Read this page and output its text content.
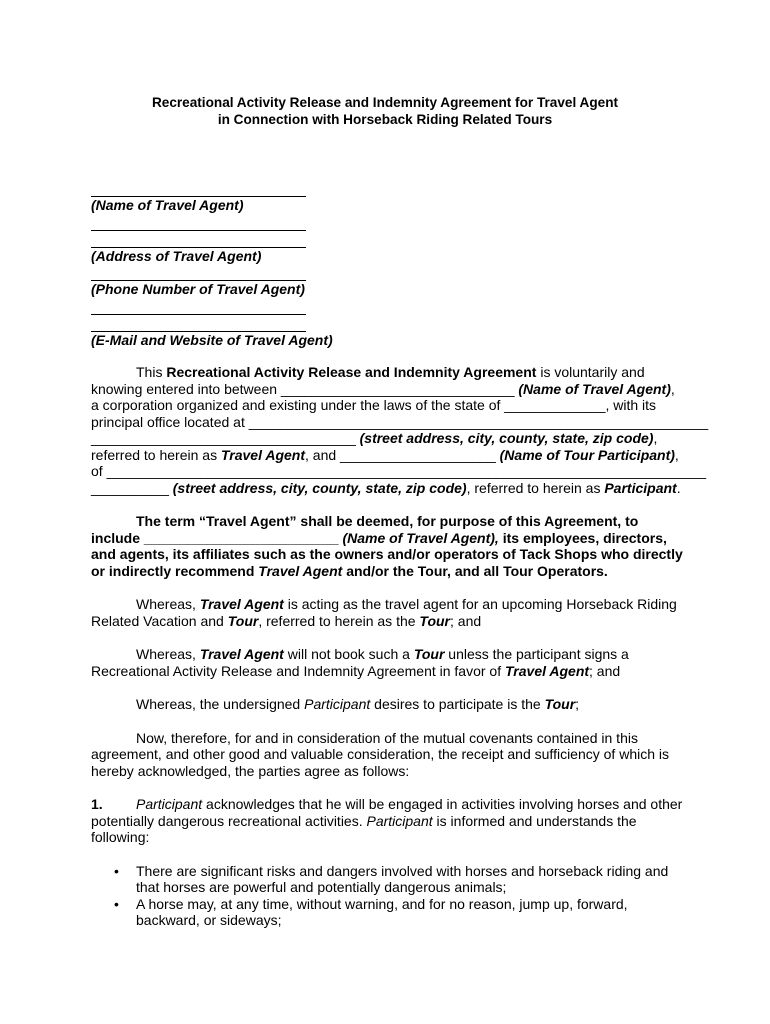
Recreational Activity Release and Indemnity Agreement for Travel Agent
in Connection with Horseback Riding Related Tours
(Name of Travel Agent)
(Address of Travel Agent)
(Phone Number of Travel Agent)
(E-Mail and Website of Travel Agent)
This Recreational Activity Release and Indemnity Agreement is voluntarily and
knowing entered into between ______________________________ (Name of Travel Agent),
a corporation organized and existing under the laws of the state of _____________, with its
principal office located at ___________________________________________________________
__________________________________ (street address, city, county, state, zip code),
referred to herein as Travel Agent, and ____________________ (Name of Tour Participant),
of _____________________________________________________________________________
__________ (street address, city, county, state, zip code), referred to herein as Participant.
The term “Travel Agent” shall be deemed, for purpose of this Agreement, to
include _________________________ (Name of Travel Agent), its employees, directors,
and agents, its affiliates such as the owners and/or operators of Tack Shops who directly
or indirectly recommend Travel Agent and/or the Tour, and all Tour Operators.
Whereas, Travel Agent is acting as the travel agent for an upcoming Horseback Riding
Related Vacation and Tour, referred to herein as the Tour; and
Whereas, Travel Agent will not book such a Tour unless the participant signs a
Recreational Activity Release and Indemnity Agreement in favor of Travel Agent; and
Whereas, the undersigned Participant desires to participate is the Tour;
Now, therefore, for and in consideration of the mutual covenants contained in this
agreement, and other good and valuable consideration, the receipt and sufficiency of which is
hereby acknowledged, the parties agree as follows:
1. Participant acknowledges that he will be engaged in activities involving horses and other
potentially dangerous recreational activities. Participant is informed and understands the
following:
• There are significant risks and dangers involved with horses and horseback riding and
that horses are powerful and potentially dangerous animals;
• A horse may, at any time, without warning, and for no reason, jump up, forward,
backward, or sideways;
